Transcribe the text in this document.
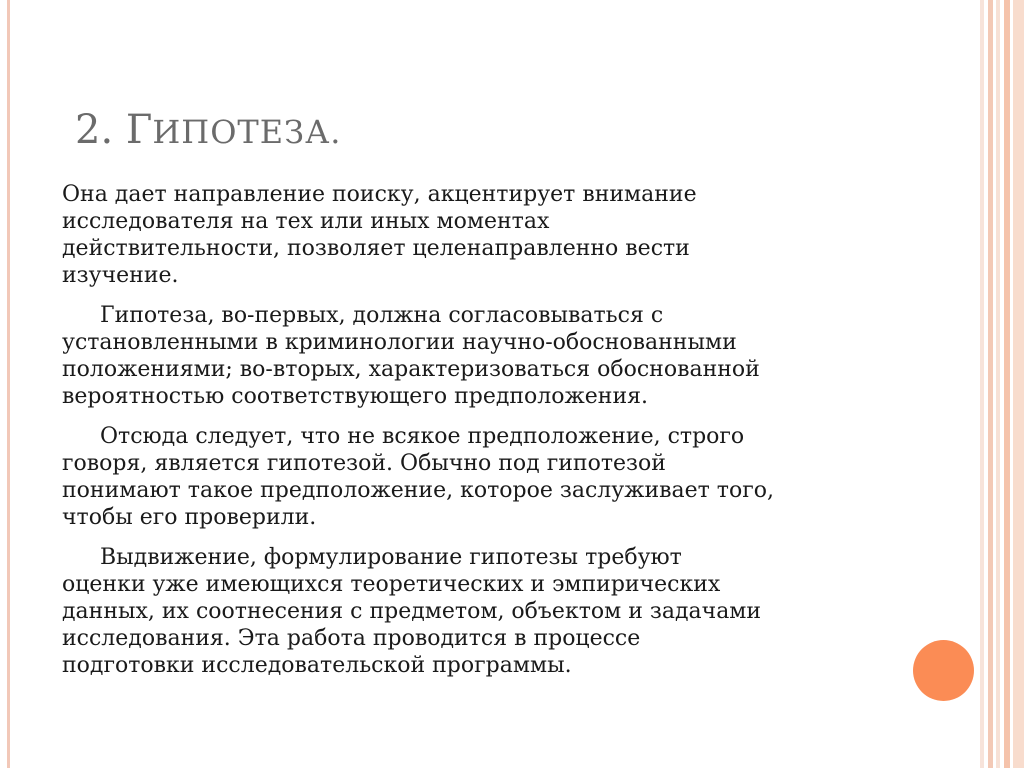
2. ГИПОТЕЗА.

Она дает направление поиску, акцентирует внимание
исследователя на тех или иных моментах
действительности, позволяет целенаправленно вести
изучение.

Гипотеза, во-первых, должна согласовываться с
установленными в криминологии научно-обоснованными
положениями; во-вторых, характеризоваться обоснованной
вероятностью соответствующего предположения.

Отсюда следует, что не всякое предположение, строго
говоря, является гипотезой. Обычно под гипотезой
понимают такое предположение, которое заслуживает того,
чтобы его проверили.

Выдвижение, формулирование гипотезы требуют
оценки уже имеющихся теоретических и эмпирических
данных, их соотнесения с предметом, объектом и задачами
исследования. Эта работа проводится в процессе
подготовки исследовательской программы.
